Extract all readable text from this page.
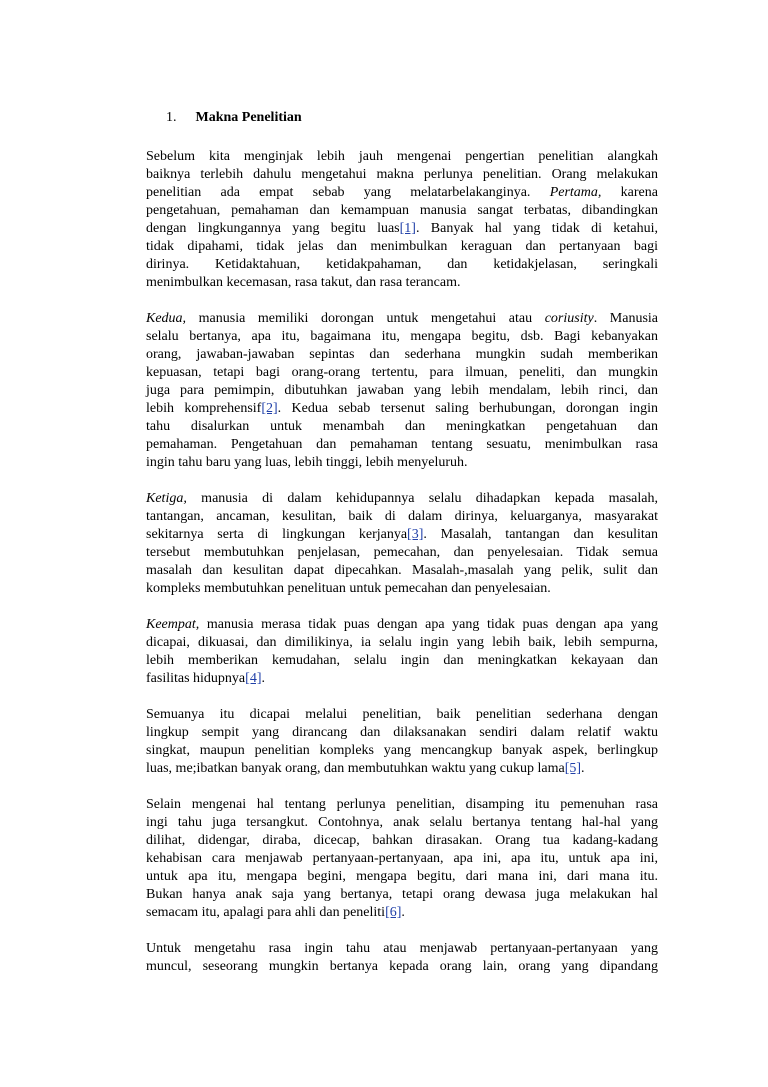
1. Makna Penelitian
Sebelum kita menginjak lebih jauh mengenai pengertian penelitian alangkah
baiknya terlebih dahulu mengetahui makna perlunya penelitian. Orang melakukan
penelitian ada empat sebab yang melatarbelakanginya. Pertama, karena
pengetahuan, pemahaman dan kemampuan manusia sangat terbatas, dibandingkan
dengan lingkungannya yang begitu luas[1]. Banyak hal yang tidak di ketahui,
tidak dipahami, tidak jelas dan menimbulkan keraguan dan pertanyaan bagi
dirinya. Ketidaktahuan, ketidakpahaman, dan ketidakjelasan, seringkali
menimbulkan kecemasan, rasa takut, dan rasa terancam.
Kedua, manusia memiliki dorongan untuk mengetahui atau coriusity. Manusia
selalu bertanya, apa itu, bagaimana itu, mengapa begitu, dsb. Bagi kebanyakan
orang, jawaban-jawaban sepintas dan sederhana mungkin sudah memberikan
kepuasan, tetapi bagi orang-orang tertentu, para ilmuan, peneliti, dan mungkin
juga para pemimpin, dibutuhkan jawaban yang lebih mendalam, lebih rinci, dan
lebih komprehensif[2]. Kedua sebab tersenut saling berhubungan, dorongan ingin
tahu disalurkan untuk menambah dan meningkatkan pengetahuan dan
pemahaman. Pengetahuan dan pemahaman tentang sesuatu, menimbulkan rasa
ingin tahu baru yang luas, lebih tinggi, lebih menyeluruh.
Ketiga, manusia di dalam kehidupannya selalu dihadapkan kepada masalah,
tantangan, ancaman, kesulitan, baik di dalam dirinya, keluarganya, masyarakat
sekitarnya serta di lingkungan kerjanya[3]. Masalah, tantangan dan kesulitan
tersebut membutuhkan penjelasan, pemecahan, dan penyelesaian. Tidak semua
masalah dan kesulitan dapat dipecahkan. Masalah-,masalah yang pelik, sulit dan
kompleks membutuhkan penelituan untuk pemecahan dan penyelesaian.
Keempat, manusia merasa tidak puas dengan apa yang tidak puas dengan apa yang
dicapai, dikuasai, dan dimilikinya, ia selalu ingin yang lebih baik, lebih sempurna,
lebih memberikan kemudahan, selalu ingin dan meningkatkan kekayaan dan
fasilitas hidupnya[4].
Semuanya itu dicapai melalui penelitian, baik penelitian sederhana dengan
lingkup sempit yang dirancang dan dilaksanakan sendiri dalam relatif waktu
singkat, maupun penelitian kompleks yang mencangkup banyak aspek, berlingkup
luas, me;ibatkan banyak orang, dan membutuhkan waktu yang cukup lama[5].
Selain mengenai hal tentang perlunya penelitian, disamping itu pemenuhan rasa
ingi tahu juga tersangkut. Contohnya, anak selalu bertanya tentang hal-hal yang
dilihat, didengar, diraba, dicecap, bahkan dirasakan. Orang tua kadang-kadang
kehabisan cara menjawab pertanyaan-pertanyaan, apa ini, apa itu, untuk apa ini,
untuk apa itu, mengapa begini, mengapa begitu, dari mana ini, dari mana itu.
Bukan hanya anak saja yang bertanya, tetapi orang dewasa juga melakukan hal
semacam itu, apalagi para ahli dan peneliti[6].
Untuk mengetahu rasa ingin tahu atau menjawab pertanyaan-pertanyaan yang
muncul, seseorang mungkin bertanya kepada orang lain, orang yang dipandang
